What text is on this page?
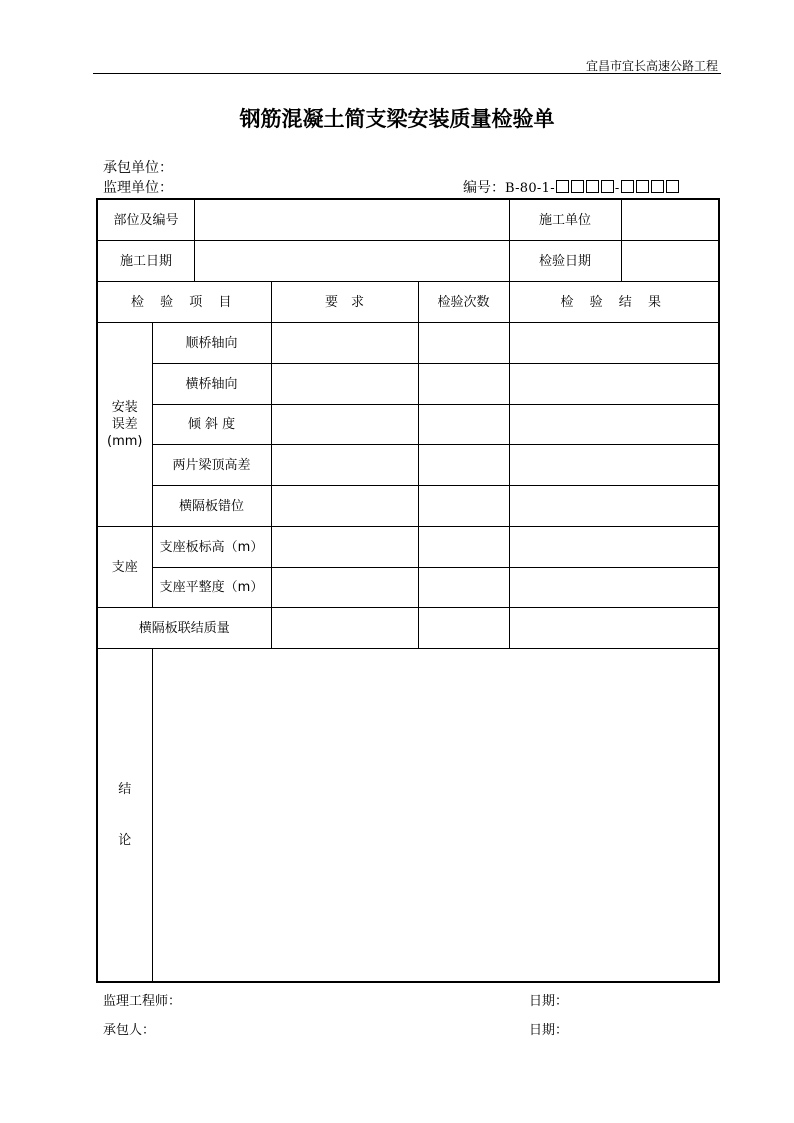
宜昌市宜长高速公路工程
钢筋混凝土简支梁安装质量检验单
承包单位：
监理单位：	编号：B-80-1-	-
部位及编号				施工单位

施工日期				检验日期

检 验 项 目		要　求	检验次数	检 验 结 果
安装
误差
(mm)	顺桥轴向			
	横桥轴向			
	倾 斜 度			
	两片梁顶高差			
	横隔板错位			
支座	支座板标高（m）			
	支座平整度（m）			
横隔板联结质量				

结
论				

监理工程师：	日期：
承包人：	日期：
